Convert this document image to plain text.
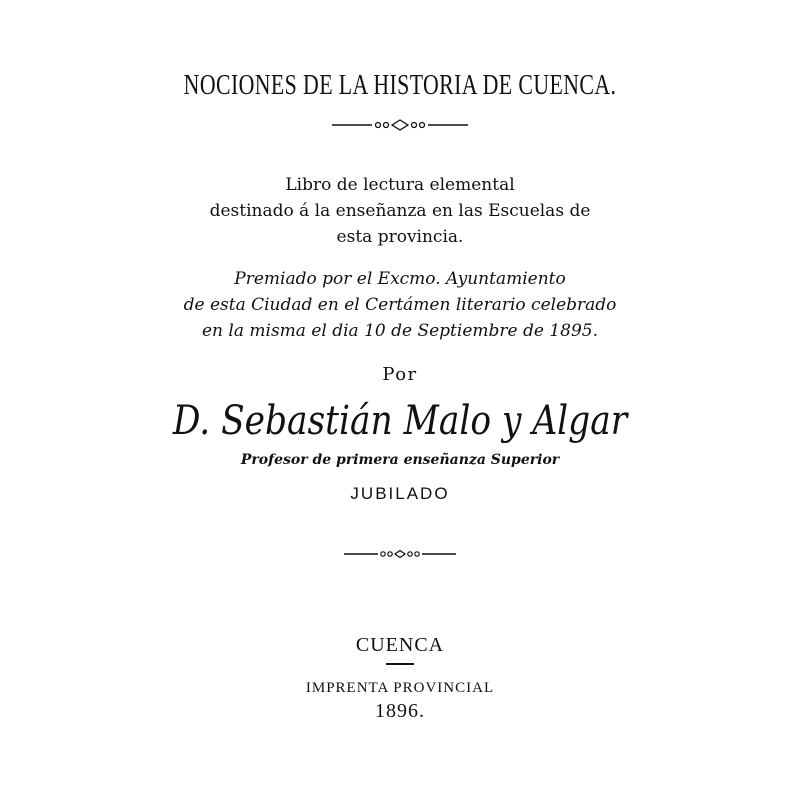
NOCIONES DE LA HISTORIA DE CUENCA.
Libro de lectura elemental
destinado á la enseñanza en las Escuelas de
esta provincia.
Premiado por el Excmo. Ayuntamiento
de esta Ciudad en el Certámen literario celebrado
en la misma el dia 10 de Septiembre de 1895.
Por
D. Sebastián Malo y Algar
Profesor de primera enseñanza Superior
JUBILADO
CUENCA
IMPRENTA PROVINCIAL
1896.
